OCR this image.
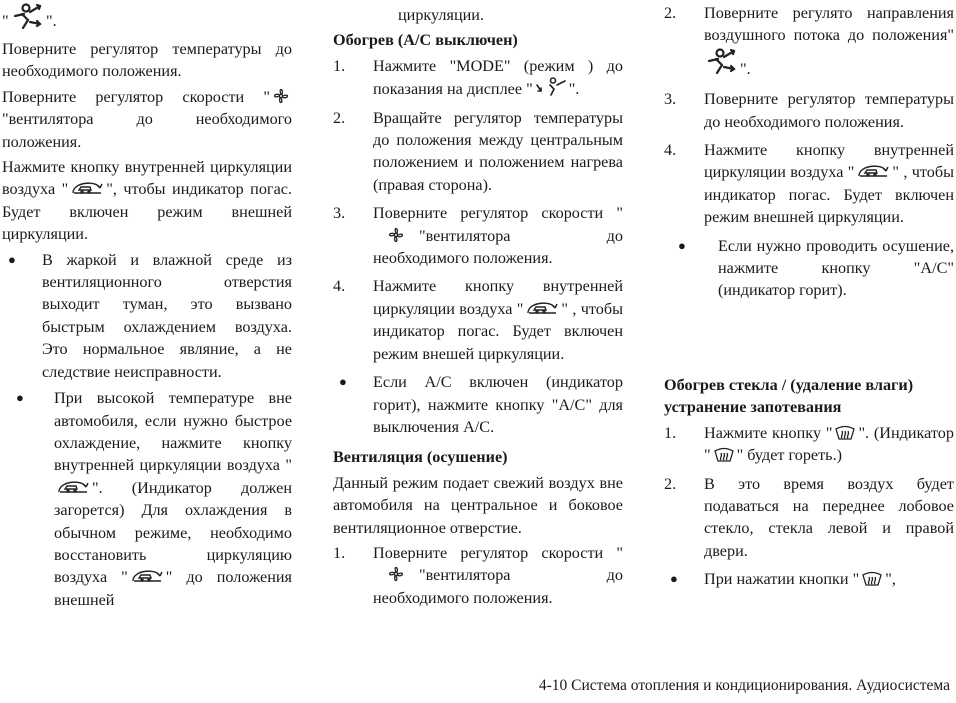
" ".

Поверните регулятор температуры до необходимого положения.

Поверните регулятор скорости "
"вентилятора до необходимого положения.

Нажмите кнопку внутренней циркуляции воздуха " ", чтобы индикатор погас. Будет включен режим внешней циркуляции.

● В жаркой и влажной среде из вентиляционного отверстия выходит туман, это вызвано быстрым охлаждением воздуха. Это нормальное являние, а не следствие неисправности.
● При высокой температуре вне автомобиля, если нужно быстрое охлаждение, нажмите кнопку внутренней циркуляции воздуха "
". (Индикатор должен загорется) Для охлаждения в обычном режиме, необходимо восстановить циркуляцию воздуха " " до положения внешней

циркуляции.

Обогрев (A/C выключен)
1. Нажмите "MODE" (режим ) до показания на дисплее " ".
2. Вращайте регулятор температуры до положения между центральным положением и положением нагрева (правая сторона).
3. Поверните регулятор скорости "
"вентилятора до необходимого положения.
4. Нажмите кнопку внутренней циркуляции воздуха " " , чтобы индикатор погас. Будет включен режим внешей циркуляции.
● Если A/C включен (индикатор горит), нажмите кнопку "A/C" для выключения A/C.
Вентиляция (осушение)

Данный режим подает свежий воздух вне автомобиля на центральное и боковое вентиляционное отверстие.

1. Поверните регулятор скорости "
"вентилятора до необходимого положения.
2. Поверните регулято направления воздушного потока до положения"
".
3. Поверните регулятор температуры до необходимого положения.
4. Нажмите кнопку внутренней циркуляции воздуха " " , чтобы индикатор погас. Будет включен режим внешней циркуляции.
● Если нужно проводить осушение, нажмите кнопку "A/C" (индикатор горит).
Обогрев стекла / (удаление влаги) устранение запотевания
1. Нажмите кнопку " ". (Индикатор " " будет гореть.)
2. В это время воздух будет подаваться на переднее лобовое стекло, стекла левой и правой двери.
● При нажатии кнопки " ",
4-10 Система отопления и кондиционирования. Аудиосистема
